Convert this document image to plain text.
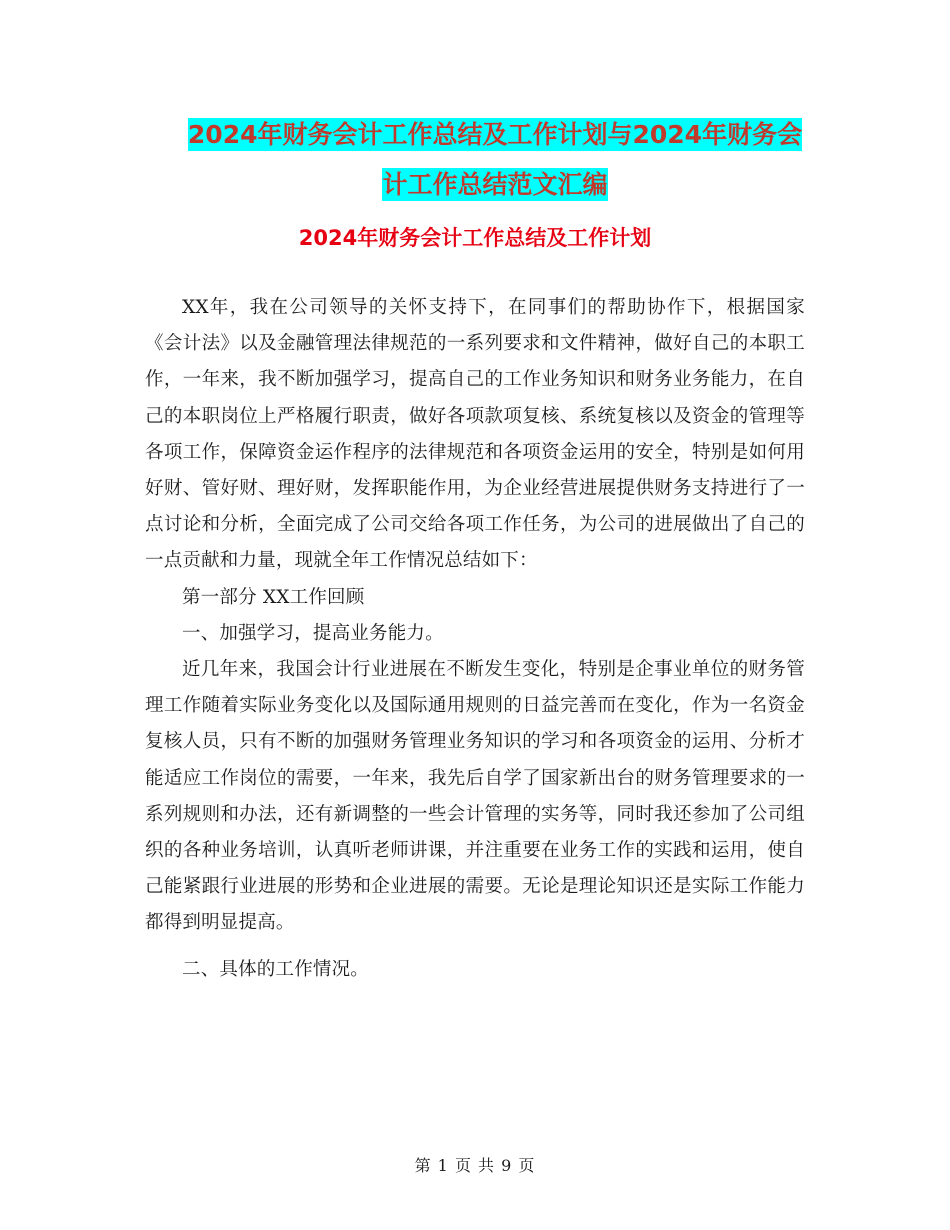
2024年财务会计工作总结及工作计划与2024年财务会
计工作总结范文汇编
2024年财务会计工作总结及工作计划

XX年，我在公司领导的关怀支持下，在同事们的帮助协作下，根据国家《会计法》以及金融管理法律规范的一系列要求和文件精神，做好自己的本职工作，一年来，我不断加强学习，提高自己的工作业务知识和财务业务能力，在自己的本职岗位上严格履行职责，做好各项款项复核、系统复核以及资金的管理等各项工作，保障资金运作程序的法律规范和各项资金运用的安全，特别是如何用好财、管好财、理好财，发挥职能作用，为企业经营进展提供财务支持进行了一点讨论和分析，全面完成了公司交给各项工作任务，为公司的进展做出了自己的一点贡献和力量，现就全年工作情况总结如下：

第一部分 XX工作回顾

一、加强学习，提高业务能力。

近几年来，我国会计行业进展在不断发生变化，特别是企事业单位的财务管理工作随着实际业务变化以及国际通用规则的日益完善而在变化，作为一名资金复核人员，只有不断的加强财务管理业务知识的学习和各项资金的运用、分析才能适应工作岗位的需要，一年来，我先后自学了国家新出台的财务管理要求的一系列规则和办法，还有新调整的一些会计管理的实务等，同时我还参加了公司组织的各种业务培训，认真听老师讲课，并注重要在业务工作的实践和运用，使自己能紧跟行业进展的形势和企业进展的需要。无论是理论知识还是实际工作能力都得到明显提高。

二、具体的工作情况。

第 1 页 共 9 页
